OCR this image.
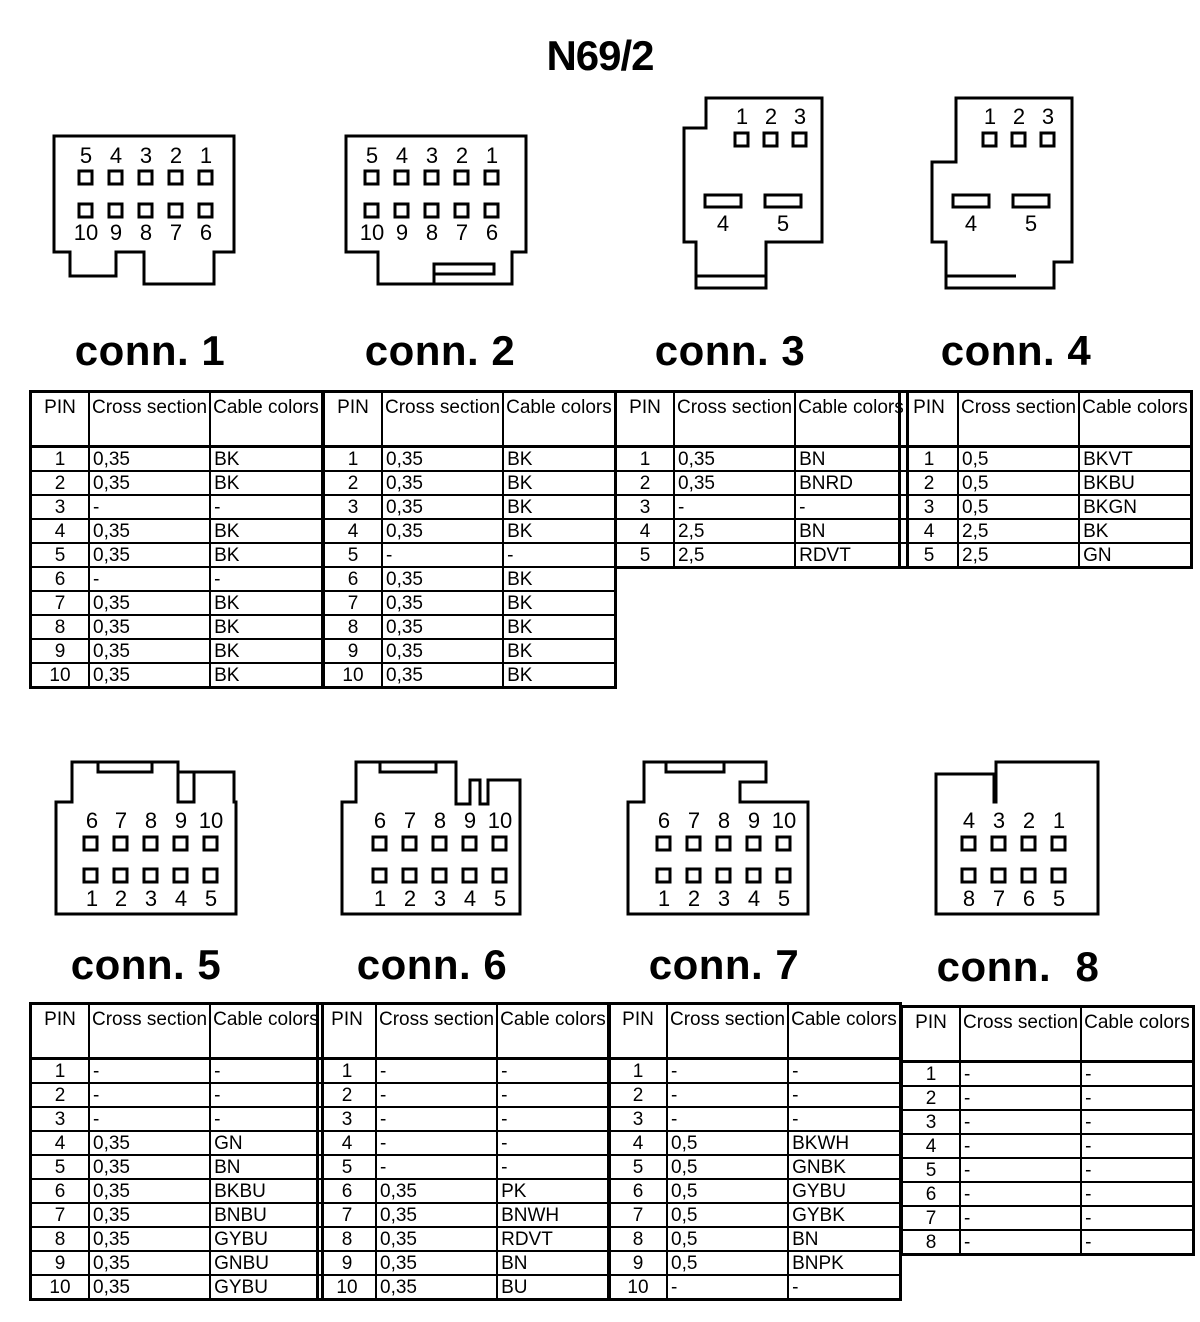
N69/2
5 4 3 2 1
10 9 8 7 6
5 4 3 2 1
10 9 8 7 6
1 2 3
4 5
1 2 3
4 5
6 7 8 9 10
1 2 3 4 5
6 7 8 9 10
1 2 3 4 5
6 7 8 9 10
1 2 3 4 5
4 3 2 1
8 7 6 5
conn. 1	conn. 2	conn. 3	conn. 4
conn. 5	conn. 6	conn. 7	conn.  8
PIN	Cross section	Cable colors
1	0,35	BK
2	0,35	BK
3	-	-
4	0,35	BK
5	0,35	BK
6	-	-
7	0,35	BK
8	0,35	BK
9	0,35	BK
10	0,35	BK
PIN	Cross section	Cable colors
1	0,35	BK
2	0,35	BK
3	0,35	BK
4	0,35	BK
5	-	-
6	0,35	BK
7	0,35	BK
8	0,35	BK
9	0,35	BK
10	0,35	BK
PIN	Cross section	Cable colors
1	0,35	BN
2	0,35	BNRD
3	-	-
4	2,5	BN
5	2,5	RDVT
PIN	Cross section	Cable colors
1	0,5	BKVT
2	0,5	BKBU
3	0,5	BKGN
4	2,5	BK
5	2,5	GN
PIN	Cross section	Cable colors
1	-	-
2	-	-
3	-	-
4	0,35	GN
5	0,35	BN
6	0,35	BKBU
7	0,35	BNBU
8	0,35	GYBU
9	0,35	GNBU
10	0,35	GYBU
PIN	Cross section	Cable colors
1	-	-
2	-	-
3	-	-
4	-	-
5	-	-
6	0,35	PK
7	0,35	BNWH
8	0,35	RDVT
9	0,35	BN
10	0,35	BU
PIN	Cross section	Cable colors
1	-	-
2	-	-
3	-	-
4	0,5	BKWH
5	0,5	GNBK
6	0,5	GYBU
7	0,5	GYBK
8	0,5	BN
9	0,5	BNPK
10	-	-
PIN	Cross section	Cable colors
1	-	-
2	-	-
3	-	-
4	-	-
5	-	-
6	-	-
7	-	-
8	-	-
